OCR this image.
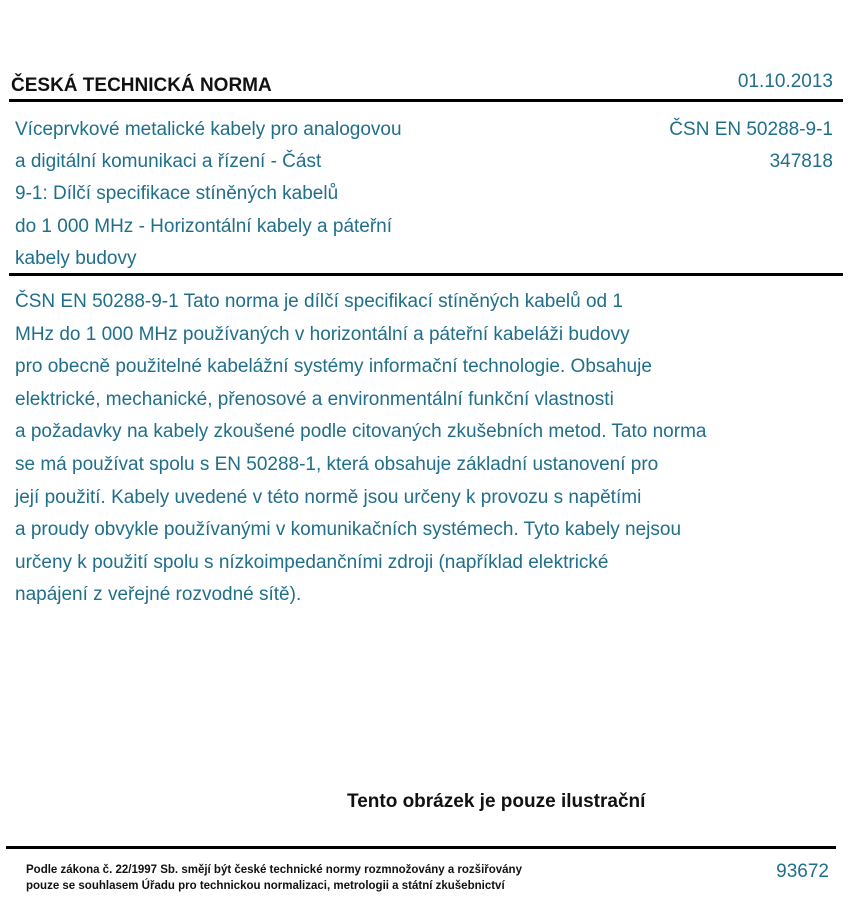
ČESKÁ TECHNICKÁ NORMA	01.10.2013
Víceprvkové metalické kabely pro analogovou
a digitální komunikaci a řízení - Část
9-1: Dílčí specifikace stíněných kabelů
do 1 000 MHz - Horizontální kabely a páteřní
kabely budovy
ČSN EN 50288-9-1
347818
ČSN EN 50288-9-1 Tato norma je dílčí specifikací stíněných kabelů od 1
MHz do 1 000 MHz používaných v horizontální a páteřní kabeláži budovy
pro obecně použitelné kabelážní systémy informační technologie. Obsahuje
elektrické, mechanické, přenosové a environmentální funkční vlastnosti
a požadavky na kabely zkoušené podle citovaných zkušebních metod. Tato norma
se má používat spolu s EN 50288-1, která obsahuje základní ustanovení pro
její použití. Kabely uvedené v této normě jsou určeny k provozu s napětími
a proudy obvykle používanými v komunikačních systémech. Tyto kabely nejsou
určeny k použití spolu s nízkoimpedančními zdroji (například elektrické
napájení z veřejné rozvodné sítě).
Tento obrázek je pouze ilustrační
Podle zákona č. 22/1997 Sb. smějí být české technické normy rozmnožovány a rozšiřovány
pouze se souhlasem Úřadu pro technickou normalizaci, metrologii a státní zkušebnictví
93672
